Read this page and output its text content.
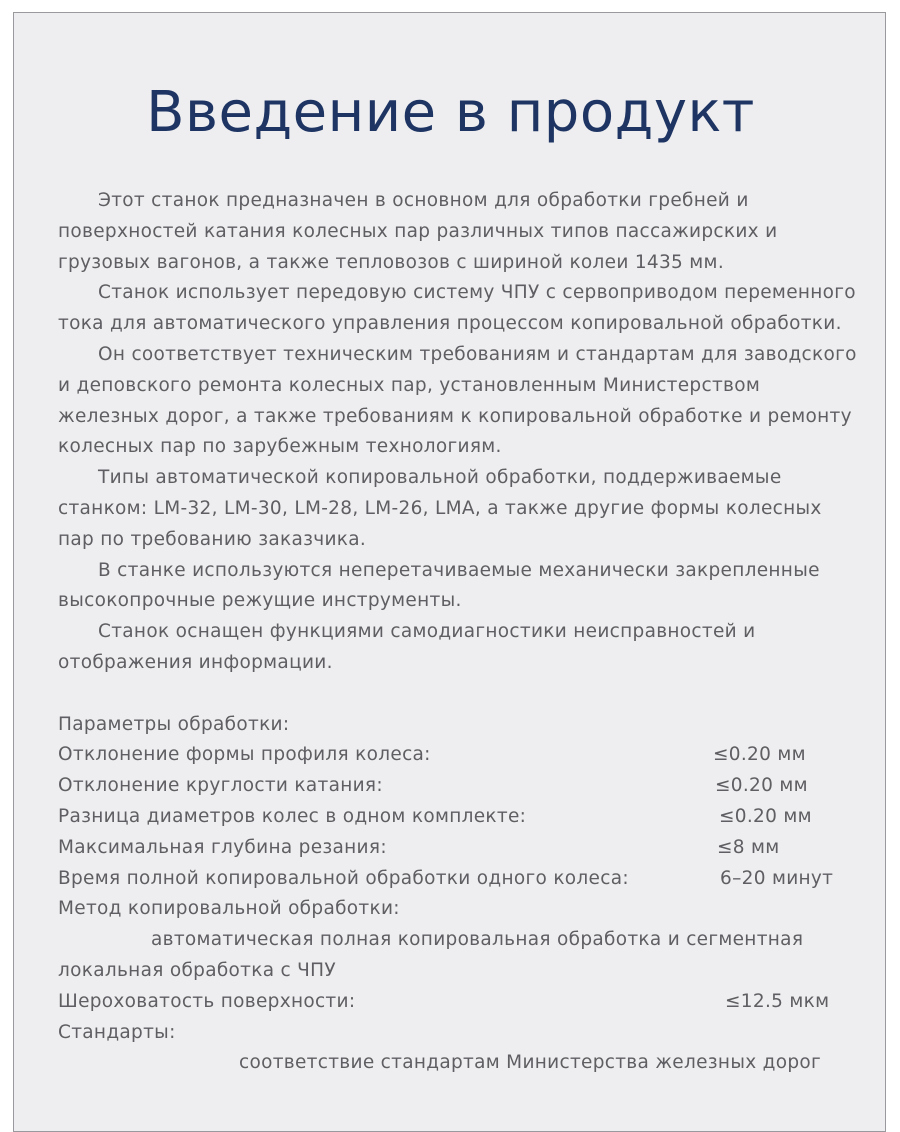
Введение в продукт

Этот станок предназначен в основном для обработки гребней и поверхностей катания колесных пар различных типов пассажирских и грузовых вагонов, а также тепловозов с шириной колеи 1435 мм.

Станок использует передовую систему ЧПУ с сервоприводом переменного тока для автоматического управления процессом копировальной обработки.

Он соответствует техническим требованиям и стандартам для заводского и деповского ремонта колесных пар, установленным Министерством железных дорог, а также требованиям к копировальной обработке и ремонту колесных пар по зарубежным технологиям.

Типы автоматической копировальной обработки, поддерживаемые станком: LM-32, LM-30, LM-28, LM-26, LMA, а также другие формы колесных пар по требованию заказчика.

В станке используются неперетачиваемые механически закрепленные высокопрочные режущие инструменты.

Станок оснащен функциями самодиагностики неисправностей и отображения информации.

Параметры обработки:

Отклонение формы профиля колеса:	≤0.20 мм
Отклонение круглости катания:	≤0.20 мм
Разница диаметров колес в одном комплекте:	≤0.20 мм
Максимальная глубина резания:	≤8 мм
Время полной копировальной обработки одного колеса:	6–20 минут
Метод копировальной обработки:

автоматическая полная копировальная обработка и сегментная локальная обработка с ЧПУ

Шероховатость поверхности:	≤12.5 мкм
Стандарты:

соответствие стандартам Министерства железных дорог
